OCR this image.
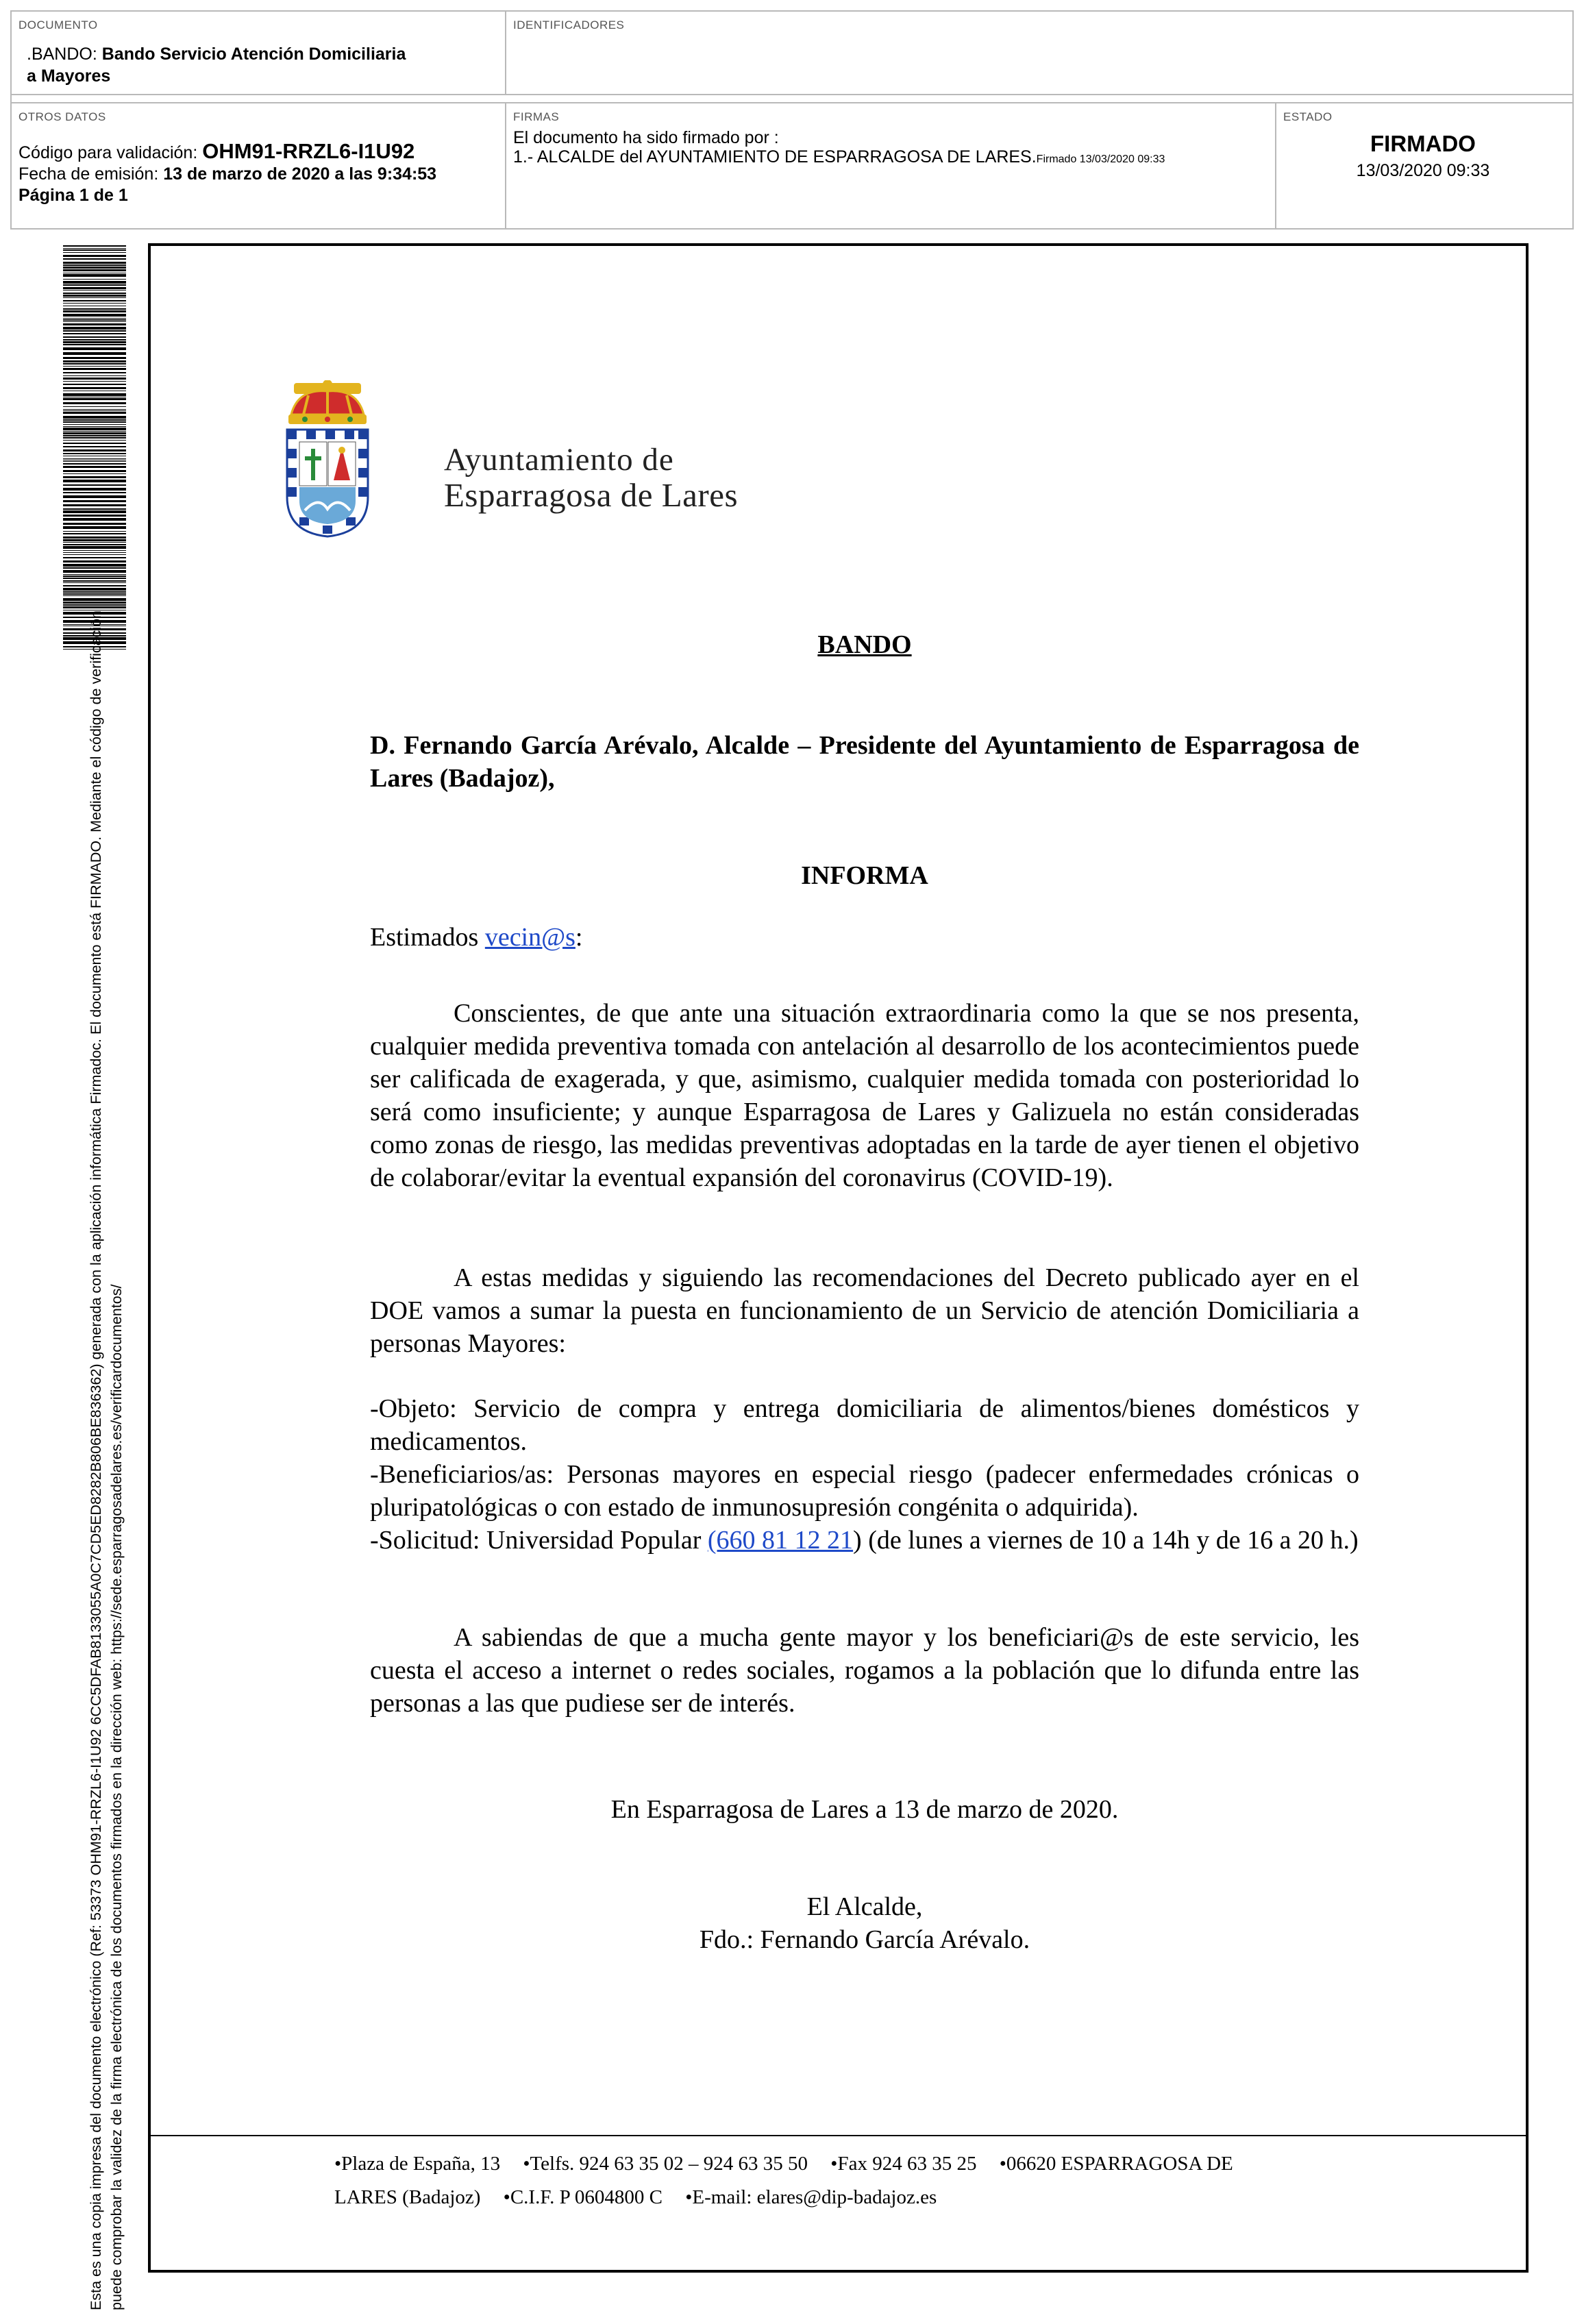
DOCUMENTO
.BANDO: Bando Servicio Atención Domiciliaria
a Mayores
IDENTIFICADORES
OTROS DATOS
Código para validación: OHM91-RRZL6-I1U92
Fecha de emisión: 13 de marzo de 2020 a las 9:34:53
Página 1 de 1
FIRMAS
El documento ha sido firmado por :
1.- ALCALDE del AYUNTAMIENTO DE ESPARRAGOSA DE LARES.Firmado 13/03/2020 09:33
ESTADO
FIRMADO
13/03/2020 09:33
Esta es una copia impresa del documento electrónico (Ref: 53373 OHM91-RRZL6-I1U92 6CC5DFAB8133055A0C7CD5ED8282B806BE836362) generada con la aplicación informática Firmadoc. El documento está FIRMADO. Mediante el código de verificación puede comprobar la validez de la firma electrónica de los documentos firmados en la dirección web: https://sede.esparragosadelares.es/verificardocumentos/
Ayuntamiento de
Esparragosa de Lares
BANDO
D. Fernando García Arévalo, Alcalde – Presidente del Ayuntamiento de Esparragosa de Lares (Badajoz),
INFORMA
Estimados vecin@s:

Conscientes, de que ante una situación extraordinaria como la que se nos presenta, cualquier medida preventiva tomada con antelación al desarrollo de los acontecimientos puede ser calificada de exagerada, y que, asimismo, cualquier medida tomada con posterioridad lo será como insuficiente; y aunque Esparragosa de Lares y Galizuela no están consideradas como zonas de riesgo, las medidas preventivas adoptadas en la tarde de ayer tienen el objetivo de colaborar/evitar la eventual expansión del coronavirus (COVID-19).

A estas medidas y siguiendo las recomendaciones del Decreto publicado ayer en el DOE vamos a sumar la puesta en funcionamiento de un Servicio de atención Domiciliaria a personas Mayores:

-Objeto: Servicio de compra y entrega domiciliaria de alimentos/bienes domésticos y medicamentos.

-Beneficiarios/as: Personas mayores en especial riesgo (padecer enfermedades crónicas o pluripatológicas o con estado de inmunosupresión congénita o adquirida).

-Solicitud: Universidad Popular (660 81 12 21) (de lunes a viernes de 10 a 14h y de 16 a 20 h.)

A sabiendas de que a mucha gente mayor y los beneficiari@s de este servicio, les cuesta el acceso a internet o redes sociales, rogamos a la población que lo difunda entre las personas a las que pudiese ser de interés.

En Esparragosa de Lares a 13 de marzo de 2020.
El Alcalde,
Fdo.: Fernando García Arévalo.
•Plaza de España, 13 •Telfs. 924 63 35 02 – 924 63 35 50 •Fax 924 63 35 25 •06620 ESPARRAGOSA DE
LARES (Badajoz) •C.I.F. P 0604800 C •E-mail: elares@dip-badajoz.es
